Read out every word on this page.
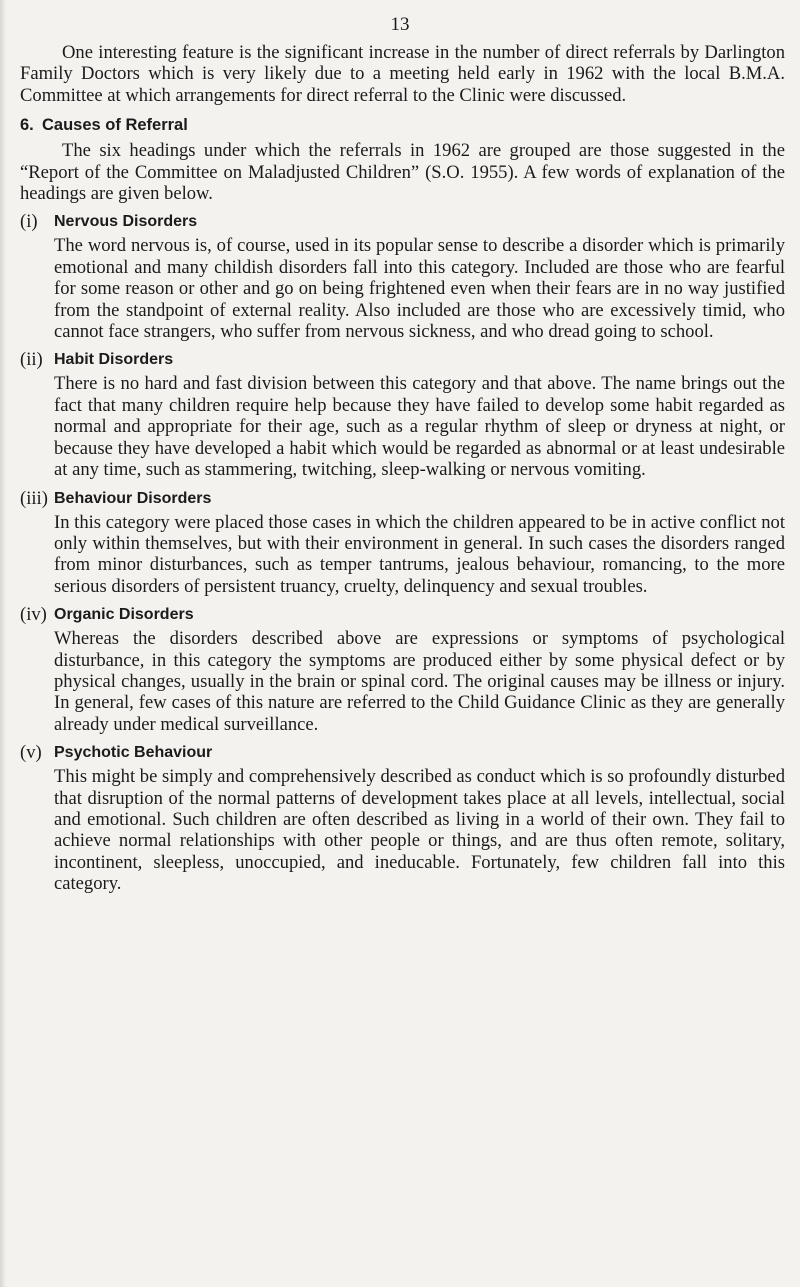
13

One interesting feature is the significant increase in the number of direct referrals by Darlington Family Doctors which is very likely due to a meeting held early in 1962 with the local B.M.A. Committee at which arrangements for direct referral to the Clinic were discussed.

6. Causes of Referral

The six headings under which the referrals in 1962 are grouped are those suggested in the “Report of the Committee on Maladjusted Children” (S.O. 1955). A few words of explanation of the headings are given below.

(i) Nervous Disorders

The word nervous is, of course, used in its popular sense to describe a disorder which is primarily emotional and many childish disorders fall into this category. Included are those who are fearful for some reason or other and go on being frightened even when their fears are in no way justified from the standpoint of external reality. Also included are those who are excessively timid, who cannot face strangers, who suffer from nervous sickness, and who dread going to school.

(ii) Habit Disorders

There is no hard and fast division between this category and that above. The name brings out the fact that many children require help because they have failed to develop some habit regarded as normal and appropriate for their age, such as a regular rhythm of sleep or dryness at night, or because they have developed a habit which would be regarded as abnormal or at least undesirable at any time, such as stammering, twitching, sleep-walking or nervous vomiting.

(iii) Behaviour Disorders

In this category were placed those cases in which the children appeared to be in active conflict not only within themselves, but with their environment in general. In such cases the disorders ranged from minor disturbances, such as temper tantrums, jealous behaviour, romancing, to the more serious disorders of persistent truancy, cruelty, delinquency and sexual troubles.

(iv) Organic Disorders

Whereas the disorders described above are expressions or symptoms of psychological disturbance, in this category the symptoms are produced either by some physical defect or by physical changes, usually in the brain or spinal cord. The original causes may be illness or injury. In general, few cases of this nature are referred to the Child Guidance Clinic as they are generally already under medical surveillance.

(v) Psychotic Behaviour

This might be simply and comprehensively described as conduct which is so profoundly disturbed that disruption of the normal patterns of development takes place at all levels, intellectual, social and emotional. Such children are often described as living in a world of their own. They fail to achieve normal relationships with other people or things, and are thus often remote, solitary, incontinent, sleepless, unoccupied, and ineducable. Fortunately, few children fall into this category.
